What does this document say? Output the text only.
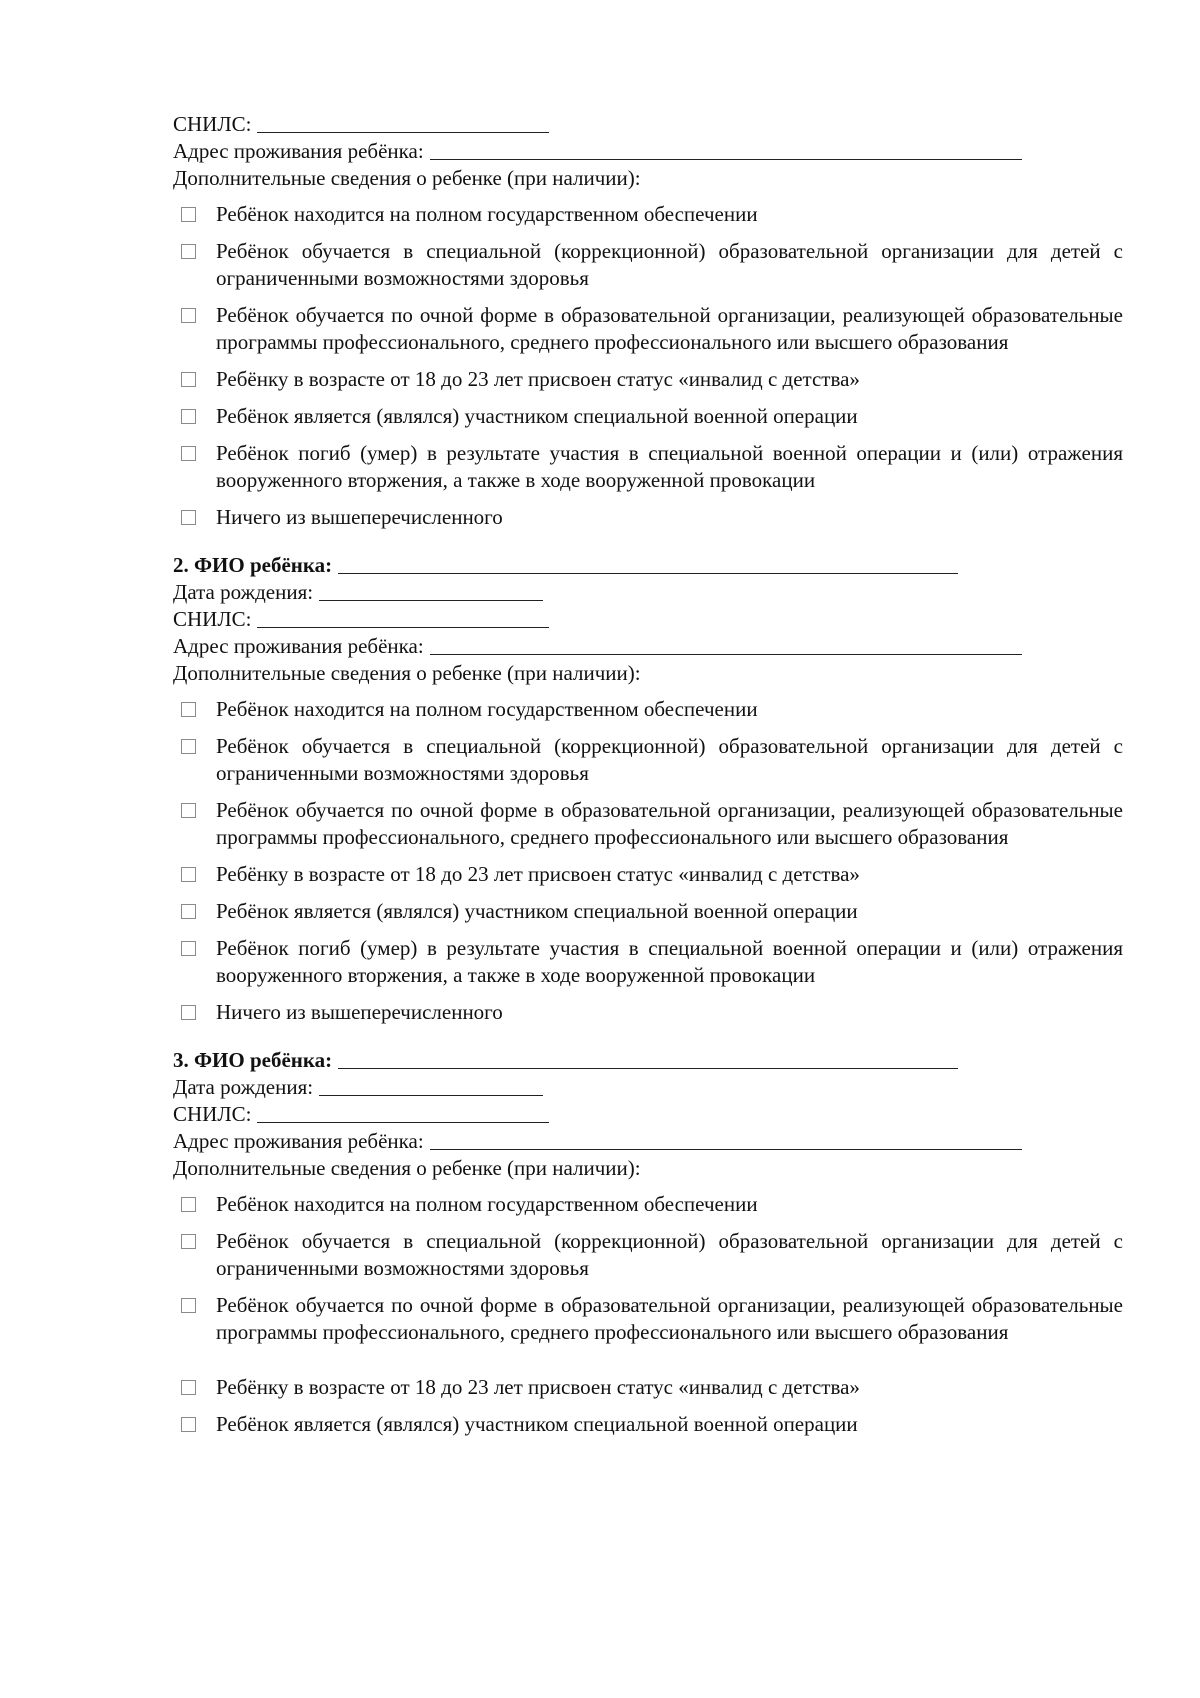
СНИЛС:
Адрес проживания ребёнка:
Дополнительные сведения о ребенке (при наличии):
Ребёнок находится на полном государственном обеспечении
Ребёнок обучается в специальной (коррекционной) образовательной организации для детей с ограниченными возможностями здоровья
Ребёнок обучается по очной форме в образовательной организации, реализующей образовательные программы профессионального, среднего профессионального или высшего образования
Ребёнку в возрасте от 18 до 23 лет присвоен статус «инвалид с детства»
Ребёнок является (являлся) участником специальной военной операции
Ребёнок погиб (умер) в результате участия в специальной военной операции и (или) отражения вооруженного вторжения, а также в ходе вооруженной провокации
Ничего из вышеперечисленного
2. ФИО ребёнка:
Дата рождения:
СНИЛС:
Адрес проживания ребёнка:
Дополнительные сведения о ребенке (при наличии):
Ребёнок находится на полном государственном обеспечении
Ребёнок обучается в специальной (коррекционной) образовательной организации для детей с ограниченными возможностями здоровья
Ребёнок обучается по очной форме в образовательной организации, реализующей образовательные программы профессионального, среднего профессионального или высшего образования
Ребёнку в возрасте от 18 до 23 лет присвоен статус «инвалид с детства»
Ребёнок является (являлся) участником специальной военной операции
Ребёнок погиб (умер) в результате участия в специальной военной операции и (или) отражения вооруженного вторжения, а также в ходе вооруженной провокации
Ничего из вышеперечисленного
3. ФИО ребёнка:
Дата рождения:
СНИЛС:
Адрес проживания ребёнка:
Дополнительные сведения о ребенке (при наличии):
Ребёнок находится на полном государственном обеспечении
Ребёнок обучается в специальной (коррекционной) образовательной организации для детей с ограниченными возможностями здоровья
Ребёнок обучается по очной форме в образовательной организации, реализующей образовательные программы профессионального, среднего профессионального или высшего образования
Ребёнку в возрасте от 18 до 23 лет присвоен статус «инвалид с детства»
Ребёнок является (являлся) участником специальной военной операции
